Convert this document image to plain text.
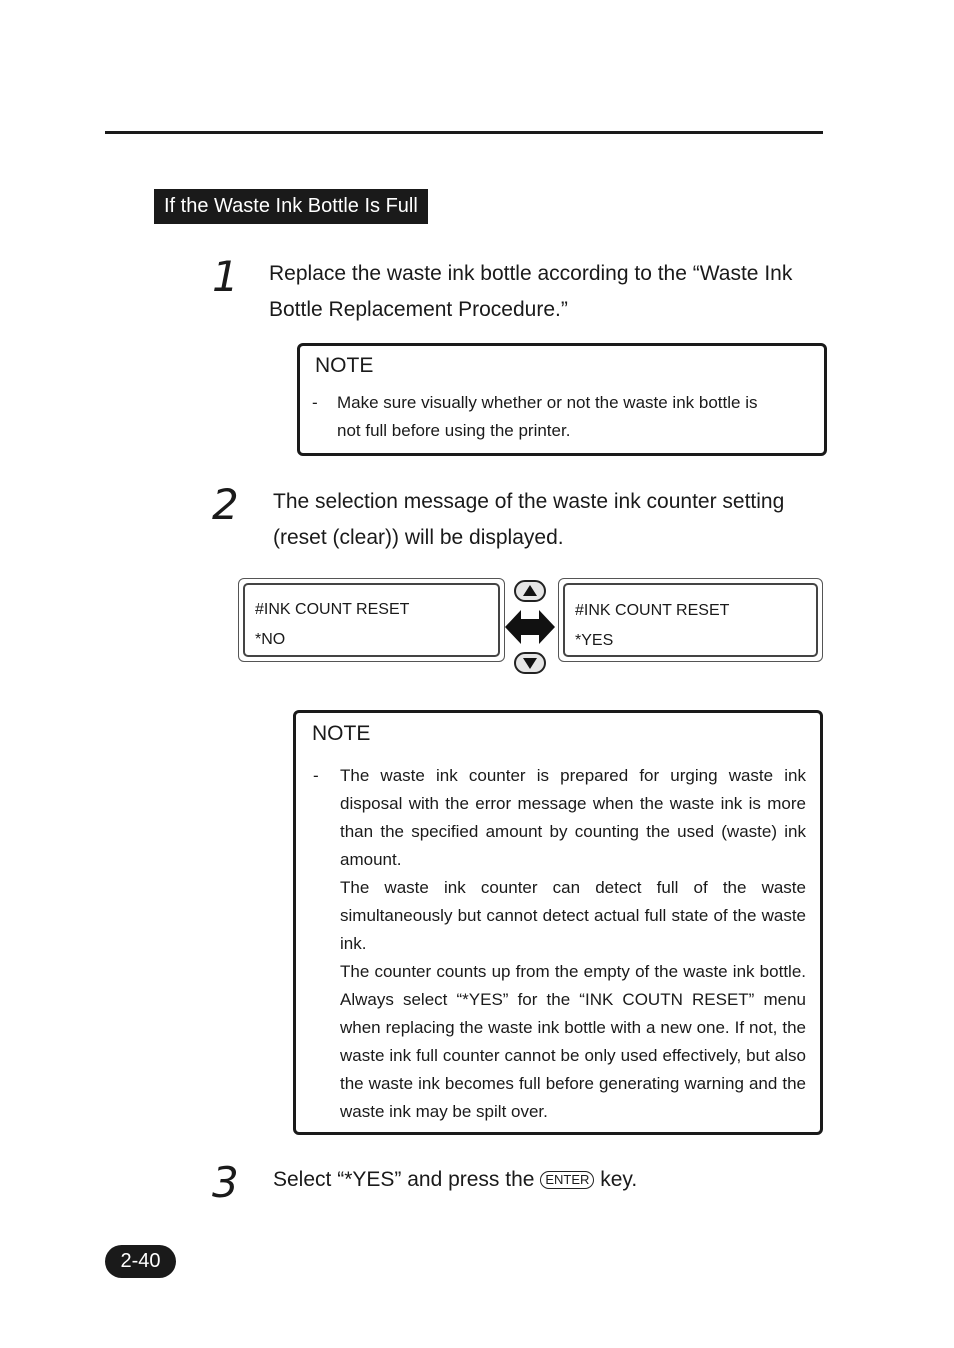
If the Waste Ink Bottle Is Full
1 Replace the waste ink bottle according to the “Waste Ink
Bottle Replacement Procedure.”
NOTE
- Make sure visually whether or not the waste ink bottle is
not full before using the printer.
2 The selection message of the waste ink counter setting
(reset (clear)) will be displayed.
#INK COUNT RESET
*NO
#INK COUNT RESET
*YES
NOTE
- The waste ink counter is prepared for urging waste ink disposal with the error message when the waste ink is more than the specified amount by counting the used (waste) ink amount.

The waste ink counter can detect full of the waste simultaneously but cannot detect actual full state of the waste ink.

The counter counts up from the empty of the waste ink bottle. Always select “*YES” for the “INK COUTN RESET” menu when replacing the waste ink bottle with a new one. If not, the waste ink full counter cannot be only used effectively, but also the waste ink becomes full before generating warning and the waste ink may be spilt over.

3 Select “*YES” and press the ENTER key.
2-40
